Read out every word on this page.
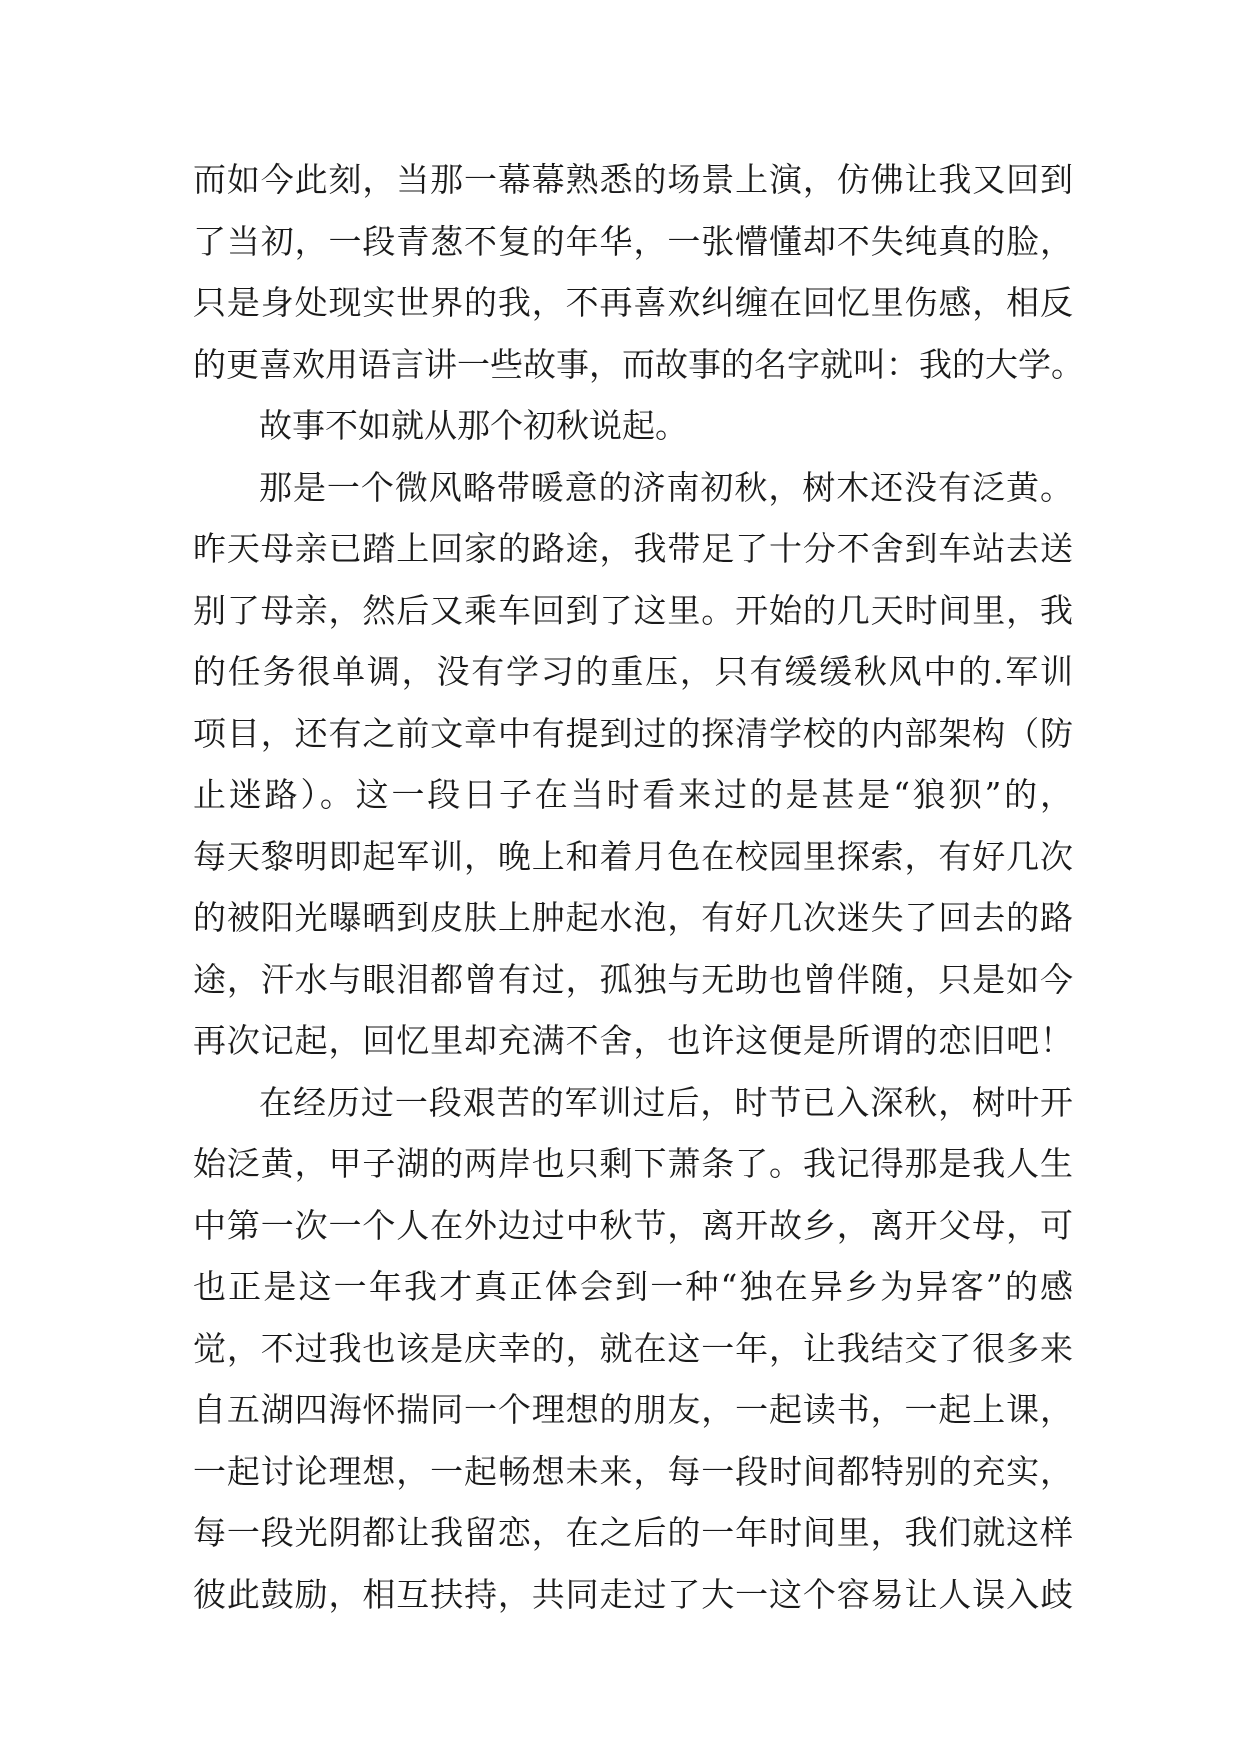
而如今此刻，当那一幕幕熟悉的场景上演，仿佛让我又回到
了当初，一段青葱不复的年华，一张懵懂却不失纯真的脸，
只是身处现实世界的我，不再喜欢纠缠在回忆里伤感，相反
的更喜欢用语言讲一些故事，而故事的名字就叫：我的大学。
故事不如就从那个初秋说起。
那是一个微风略带暖意的济南初秋，树木还没有泛黄。
昨天母亲已踏上回家的路途，我带足了十分不舍到车站去送
别了母亲，然后又乘车回到了这里。开始的几天时间里，我
的任务很单调，没有学习的重压，只有缓缓秋风中的.军训
项目，还有之前文章中有提到过的探清学校的内部架构（防
止迷路）。这一段日子在当时看来过的是甚是“狼狈”的，
每天黎明即起军训，晚上和着月色在校园里探索，有好几次
的被阳光曝晒到皮肤上肿起水泡，有好几次迷失了回去的路
途，汗水与眼泪都曾有过，孤独与无助也曾伴随，只是如今
再次记起，回忆里却充满不舍，也许这便是所谓的恋旧吧！
在经历过一段艰苦的军训过后，时节已入深秋，树叶开
始泛黄，甲子湖的两岸也只剩下萧条了。我记得那是我人生
中第一次一个人在外边过中秋节，离开故乡，离开父母，可
也正是这一年我才真正体会到一种“独在异乡为异客”的感
觉，不过我也该是庆幸的，就在这一年，让我结交了很多来
自五湖四海怀揣同一个理想的朋友，一起读书，一起上课，
一起讨论理想，一起畅想未来，每一段时间都特别的充实，
每一段光阴都让我留恋，在之后的一年时间里，我们就这样
彼此鼓励，相互扶持，共同走过了大一这个容易让人误入歧
